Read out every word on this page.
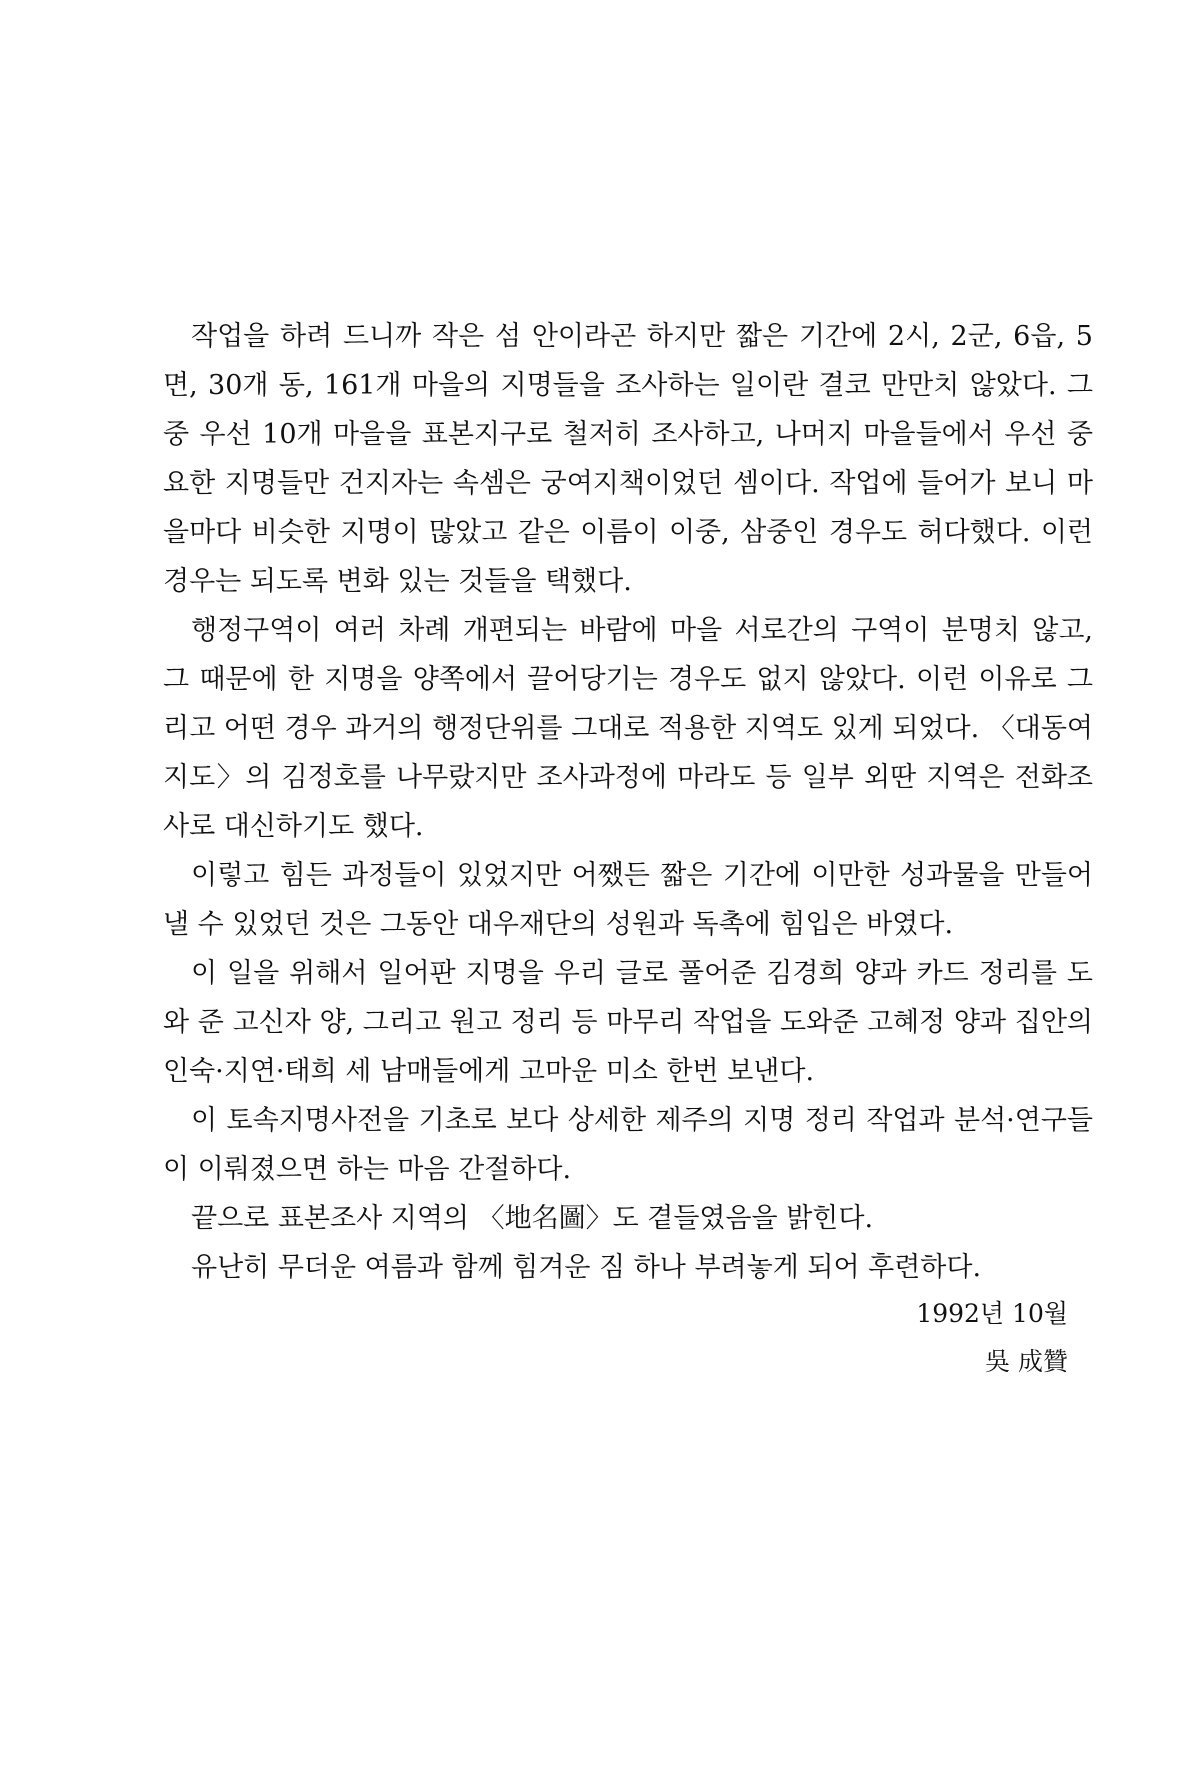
작업을 하려 드니까 작은 섬 안이라곤 하지만 짧은 기간에 2시, 2군, 6읍, 5면, 30개 동, 161개 마을의 지명들을 조사하는 일이란 결코 만만치 않았다. 그중 우선 10개 마을을 표본지구로 철저히 조사하고, 나머지 마을들에서 우선 중요한 지명들만 건지자는 속셈은 궁여지책이었던 셈이다. 작업에 들어가 보니 마을마다 비슷한 지명이 많았고 같은 이름이 이중, 삼중인 경우도 허다했다. 이런 경우는 되도록 변화 있는 것들을 택했다.

행정구역이 여러 차례 개편되는 바람에 마을 서로간의 구역이 분명치 않고, 그 때문에 한 지명을 양쪽에서 끌어당기는 경우도 없지 않았다. 이런 이유로 그리고 어떤 경우 과거의 행정단위를 그대로 적용한 지역도 있게 되었다. 〈대동여지도〉의 김정호를 나무랐지만 조사과정에 마라도 등 일부 외딴 지역은 전화조사로 대신하기도 했다.

이렇고 힘든 과정들이 있었지만 어쨌든 짧은 기간에 이만한 성과물을 만들어낼 수 있었던 것은 그동안 대우재단의 성원과 독촉에 힘입은 바였다.

이 일을 위해서 일어판 지명을 우리 글로 풀어준 김경희 양과 카드 정리를 도와 준 고신자 양, 그리고 원고 정리 등 마무리 작업을 도와준 고혜정 양과 집안의 인숙·지연·태희 세 남매들에게 고마운 미소 한번 보낸다.

이 토속지명사전을 기초로 보다 상세한 제주의 지명 정리 작업과 분석·연구들이 이뤄졌으면 하는 마음 간절하다.

끝으로 표본조사 지역의 〈地名圖〉도 곁들였음을 밝힌다.

유난히 무더운 여름과 함께 힘겨운 짐 하나 부려놓게 되어 후련하다.

1992년 10월
吳 成贊
